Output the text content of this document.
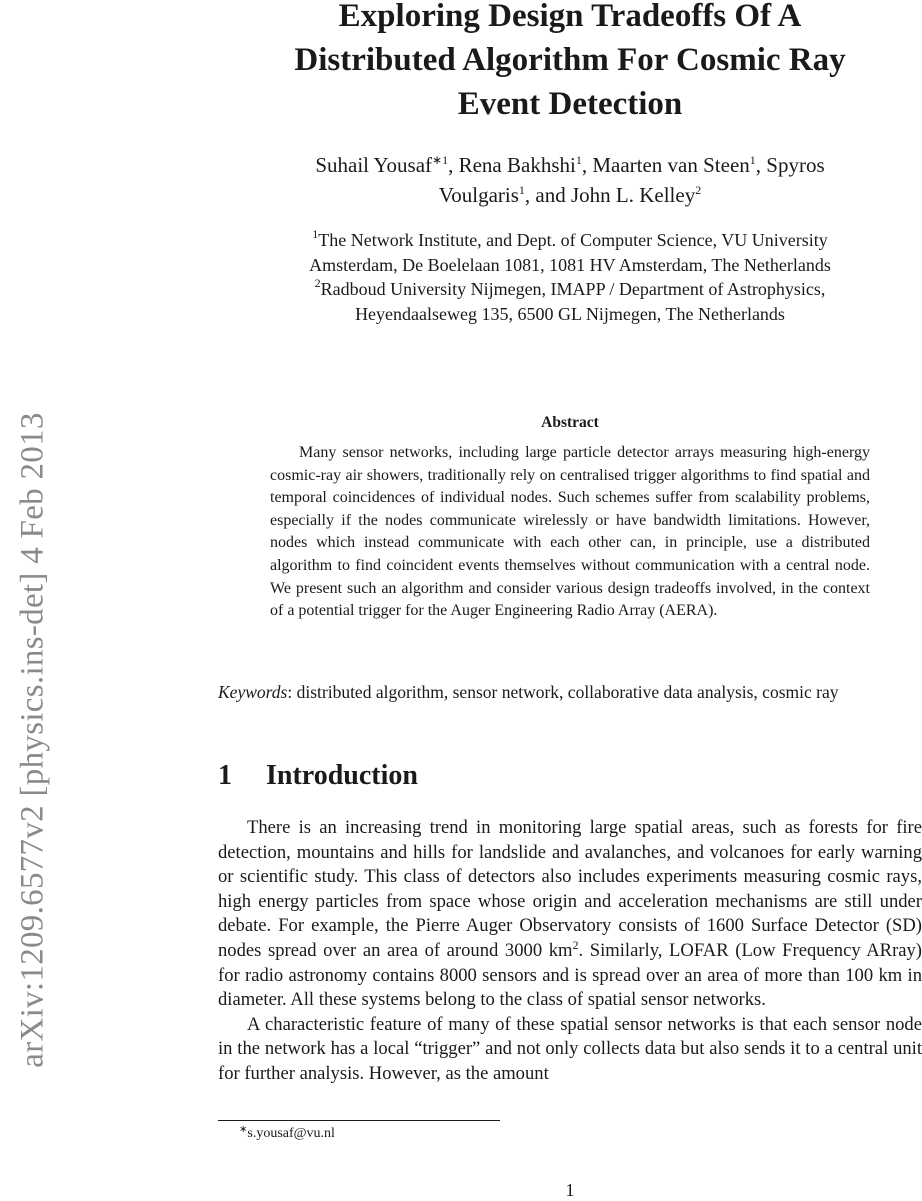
arXiv:1209.6577v2 [physics.ins-det] 4 Feb 2013
Exploring Design Tradeoffs Of A
Distributed Algorithm For Cosmic Ray
Event Detection
Suhail Yousaf$^{∗1}$, Rena Bakhshi$^1$, Maarten van Steen$^1$, Spyros
Voulgaris$^1$, and John L. Kelley$^2$
$^1$The Network Institute, and Dept. of Computer Science, VU University
Amsterdam, De Boelelaan 1081, 1081 HV Amsterdam, The Netherlands
$^2$Radboud University Nijmegen, IMAPP / Department of Astrophysics,
Heyendaalseweg 135, 6500 GL Nijmegen, The Netherlands
Abstract

Many sensor networks, including large particle detector arrays measuring high-energy cosmic-ray air showers, traditionally rely on centralised trigger algorithms to find spatial and temporal coincidences of individual nodes. Such schemes suffer from scalability problems, especially if the nodes communicate wirelessly or have bandwidth limitations. However, nodes which instead communicate with each other can, in principle, use a distributed algorithm to find coincident events themselves without communication with a central node. We present such an algorithm and consider various design tradeoffs involved, in the context of a potential trigger for the Auger Engineering Radio Array (AERA).

Keywords: distributed algorithm, sensor network, collaborative data analysis, cosmic ray
1 Introduction

There is an increasing trend in monitoring large spatial areas, such as forests for fire detection, mountains and hills for landslide and avalanches, and volcanoes for early warning or scientific study. This class of detectors also includes experiments measuring cosmic rays, high energy particles from space whose origin and acceleration mechanisms are still under debate. For example, the Pierre Auger Observatory consists of 1600 Surface Detector (SD) nodes spread over an area of around 3000 $km^2$. Similarly, LOFAR (Low Frequency ARray) for radio astronomy contains 8000 sensors and is spread over an area of more than 100 km in diameter. All these systems belong to the class of spatial sensor networks.

A characteristic feature of many of these spatial sensor networks is that each sensor node in the network has a local “trigger” and not only collects data but also sends it to a central unit for further analysis. However, as the amount

∗s.yousaf@vu.nl
1
